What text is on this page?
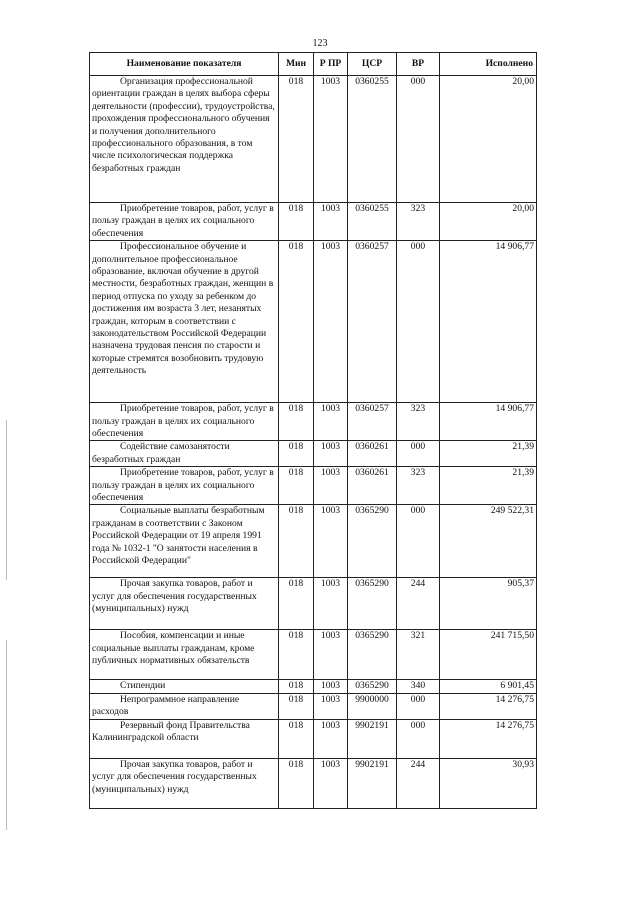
123
Наименование показателя	Мин	Р ПР	ЦСР	ВР	Исполнено
Организация профессиональной ориентации граждан в целях выбора сферы деятельности (профессии), трудоустройства, прохождения профессионального обучения и получения дополнительного профессионального образования, в том числе психологическая поддержка безработных граждан	018	1003	0360255	000	20,00
Приобретение товаров, работ, услуг в пользу граждан в целях их социального обеспечения	018	1003	0360255	323	20,00
Профессиональное обучение и дополнительное профессиональное образование, включая обучение в другой местности, безработных граждан, женщин в период отпуска по уходу за ребенком до достижения им возраста 3 лет, незанятых граждан, которым в соответствии с законодательством Российской Федерации назначена трудовая пенсия по старости и которые стремятся возобновить трудовую деятельность	018	1003	0360257	000	14 906,77
Приобретение товаров, работ, услуг в пользу граждан в целях их социального обеспечения	018	1003	0360257	323	14 906,77
Содействие самозанятости безработных граждан	018	1003	0360261	000	21,39
Приобретение товаров, работ, услуг в пользу граждан в целях их социального обеспечения	018	1003	0360261	323	21,39
Социальные выплаты безработным гражданам в соответствии с Законом Российской Федерации от 19 апреля 1991 года № 1032-1 "О занятости населения в Российской Федерации"	018	1003	0365290	000	249 522,31
Прочая закупка товаров, работ и услуг для обеспечения государственных (муниципальных) нужд	018	1003	0365290	244	905,37
Пособия, компенсации и иные социальные выплаты гражданам, кроме публичных нормативных обязательств	018	1003	0365290	321	241 715,50
Стипендии	018	1003	0365290	340	6 901,45
Непрограммное направление расходов	018	1003	9900000	000	14 276,75
Резервный фонд Правительства Калининградской области	018	1003	9902191	000	14 276,75
Прочая закупка товаров, работ и услуг для обеспечения государственных (муниципальных) нужд	018	1003	9902191	244	30,93
